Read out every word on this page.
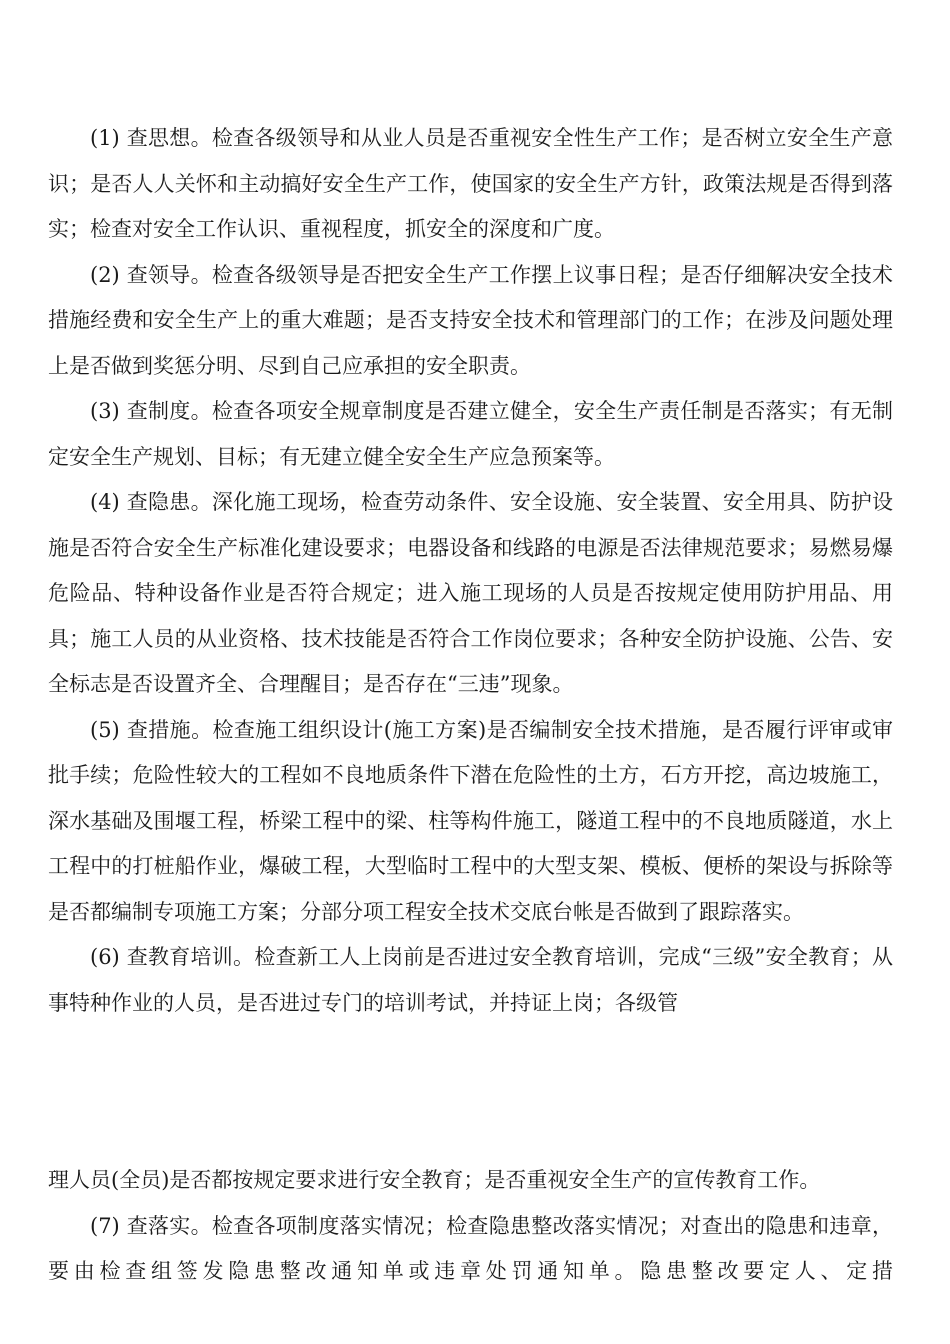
(1) 查思想。检查各级领导和从业人员是否重视安全性生产工作；是否树立安全生产意识；是否人人关怀和主动搞好安全生产工作，使国家的安全生产方针，政策法规是否得到落实；检查对安全工作认识、重视程度，抓安全的深度和广度。

(2) 查领导。检查各级领导是否把安全生产工作摆上议事日程；是否仔细解决安全技术措施经费和安全生产上的重大难题；是否支持安全技术和管理部门的工作；在涉及问题处理上是否做到奖惩分明、尽到自己应承担的安全职责。

(3) 查制度。检查各项安全规章制度是否建立健全，安全生产责任制是否落实；有无制定安全生产规划、目标；有无建立健全安全生产应急预案等。

(4) 查隐患。深化施工现场，检查劳动条件、安全设施、安全装置、安全用具、防护设施是否符合安全生产标准化建设要求；电器设备和线路的电源是否法律规范要求；易燃易爆危险品、特种设备作业是否符合规定；进入施工现场的人员是否按规定使用防护用品、用具；施工人员的从业资格、技术技能是否符合工作岗位要求；各种安全防护设施、公告、安全标志是否设置齐全、合理醒目；是否存在“三违”现象。

(5) 查措施。检查施工组织设计(施工方案)是否编制安全技术措施，是否履行评审或审批手续；危险性较大的工程如不良地质条件下潜在危险性的土方，石方开挖，高边坡施工，深水基础及围堰工程，桥梁工程中的梁、柱等构件施工，隧道工程中的不良地质隧道，水上工程中的打桩船作业，爆破工程，大型临时工程中的大型支架、模板、便桥的架设与拆除等是否都编制专项施工方案；分部分项工程安全技术交底台帐是否做到了跟踪落实。

(6) 查教育培训。检查新工人上岗前是否进过安全教育培训，完成“三级”安全教育；从事特种作业的人员，是否进过专门的培训考试，并持证上岗；各级管

理人员(全员)是否都按规定要求进行安全教育；是否重视安全生产的宣传教育工作。

(7) 查落实。检查各项制度落实情况；检查隐患整改落实情况；对查出的隐患和违章，要由检查组签发隐患整改通知单或违章处罚通知单。隐患整改要定人、定措
